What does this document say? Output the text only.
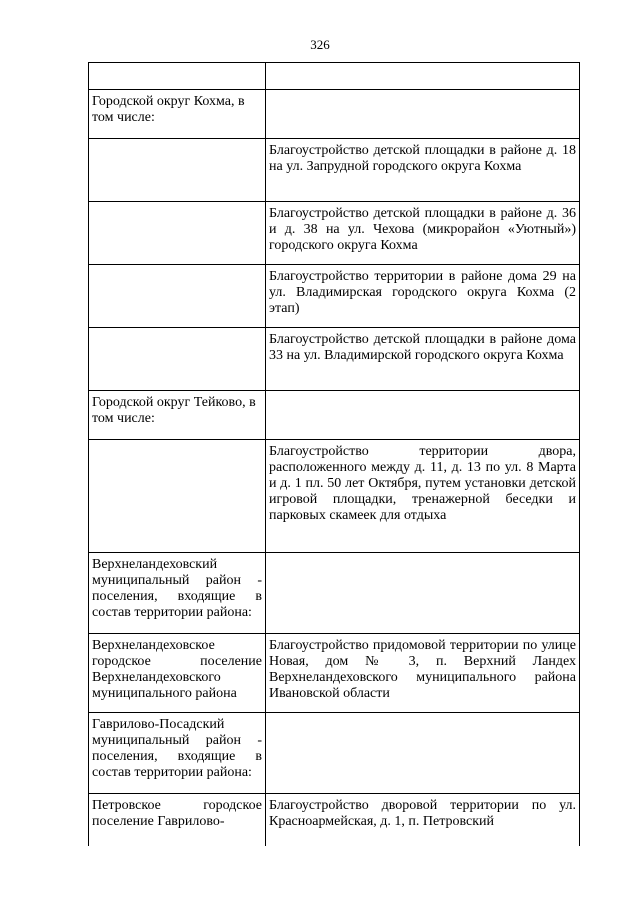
326

Городской округ Кохма, в том числе:	
	Благоустройство детской площадки в районе д. 18 на ул. Запрудной городского округа Кохма
	Благоустройство детской площадки в районе д. 36 и д. 38 на ул. Чехова (микрорайон «Уютный») городского округа Кохма
	Благоустройство территории в районе дома 29 на ул. Владимирская городского округа Кохма (2 этап)
	Благоустройство детской площадки в районе дома 33 на ул. Владимирской городского округа Кохма
Городской округ Тейково, в том числе:	
	Благоустройство территории двора, расположенного между д. 11, д. 13 по ул. 8 Марта и д. 1 пл. 50 лет Октября, путем установки детской игровой площадки, тренажерной беседки и парковых скамеек для отдыха
Верхнеландеховский муниципальный район - поселения, входящие в состав территории района:	
Верхнеландеховское городское поселение Верхнеландеховского муниципального района	Благоустройство придомовой территории по улице Новая, дом № 3, п. Верхний Ландех Верхнеландеховского муниципального района Ивановской области
Гаврилово-Посадский муниципальный район - поселения, входящие в состав территории района:	
Петровское городское поселение Гаврилово-	Благоустройство дворовой территории по ул. Красноармейская, д. 1, п. Петровский
